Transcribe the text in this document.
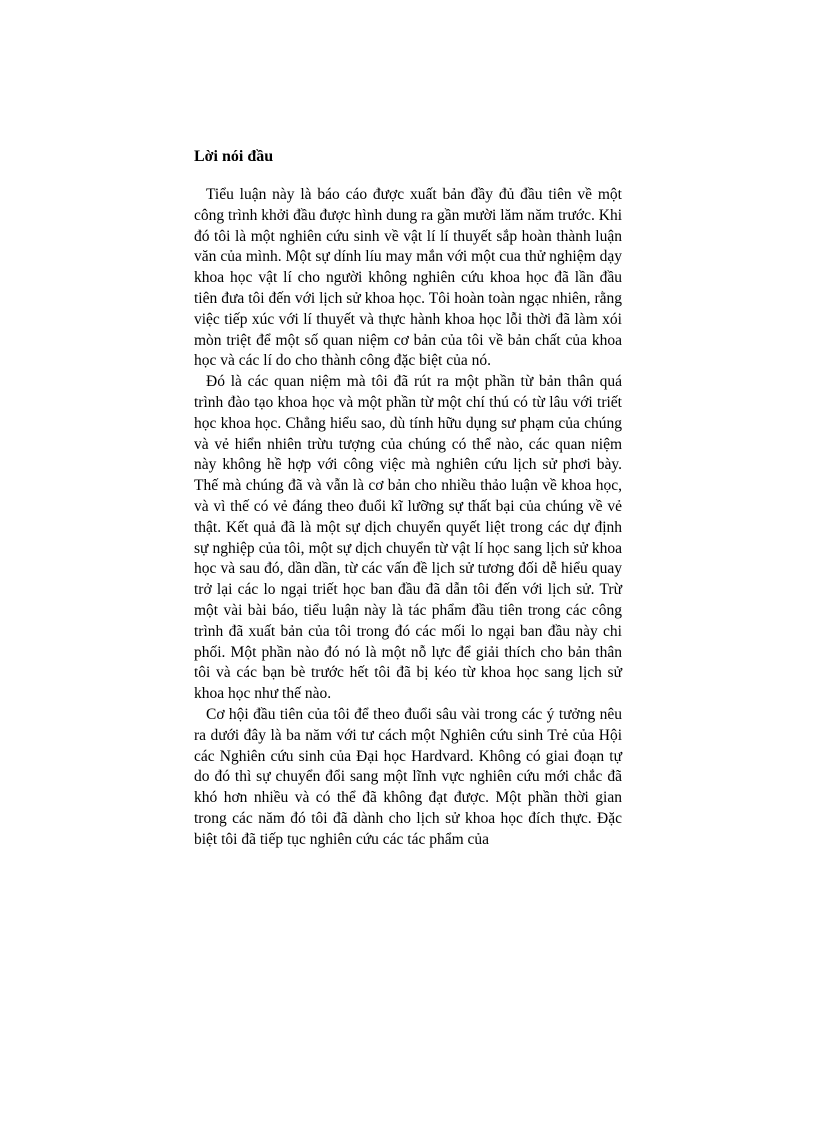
Lời nói đầu

Tiểu luận này là báo cáo được xuất bản đầy đủ đầu tiên về một công trình khởi đầu được hình dung ra gần mười lăm năm trước. Khi đó tôi là một nghiên cứu sinh về vật lí lí thuyết sắp hoàn thành luận văn của mình. Một sự dính líu may mắn với một cua thử nghiệm dạy khoa học vật lí cho người không nghiên cứu khoa học đã lần đầu tiên đưa tôi đến với lịch sử khoa học. Tôi hoàn toàn ngạc nhiên, rằng việc tiếp xúc với lí thuyết và thực hành khoa học lỗi thời đã làm xói mòn triệt để một số quan niệm cơ bản của tôi về bản chất của khoa học và các lí do cho thành công đặc biệt của nó.

Đó là các quan niệm mà tôi đã rút ra một phần từ bản thân quá trình đào tạo khoa học và một phần từ một chí thú có từ lâu với triết học khoa học. Chẳng hiểu sao, dù tính hữu dụng sư phạm của chúng và vẻ hiển nhiên trừu tượng của chúng có thể nào, các quan niệm này không hề hợp với công việc mà nghiên cứu lịch sử phơi bày. Thế mà chúng đã và vẫn là cơ bản cho nhiều thảo luận về khoa học, và vì thế có vẻ đáng theo đuổi kĩ lưỡng sự thất bại của chúng về vẻ thật. Kết quả đã là một sự dịch chuyển quyết liệt trong các dự định sự nghiệp của tôi, một sự dịch chuyển từ vật lí học sang lịch sử khoa học và sau đó, dần dần, từ các vấn đề lịch sử tương đối dễ hiểu quay trở lại các lo ngại triết học ban đầu đã dẫn tôi đến với lịch sử. Trừ một vài bài báo, tiểu luận này là tác phẩm đầu tiên trong các công trình đã xuất bản của tôi trong đó các mối lo ngại ban đầu này chi phối. Một phần nào đó nó là một nỗ lực để giải thích cho bản thân tôi và các bạn bè trước hết tôi đã bị kéo từ khoa học sang lịch sử khoa học như thế nào.

Cơ hội đầu tiên của tôi để theo đuổi sâu vài trong các ý tưởng nêu ra dưới đây là ba năm với tư cách một Nghiên cứu sinh Trẻ của Hội các Nghiên cứu sinh của Đại học Hardvard. Không có giai đoạn tự do đó thì sự chuyển đổi sang một lĩnh vực nghiên cứu mới chắc đã khó hơn nhiều và có thể đã không đạt được. Một phần thời gian trong các năm đó tôi đã dành cho lịch sử khoa học đích thực. Đặc biệt tôi đã tiếp tục nghiên cứu các tác phẩm của
